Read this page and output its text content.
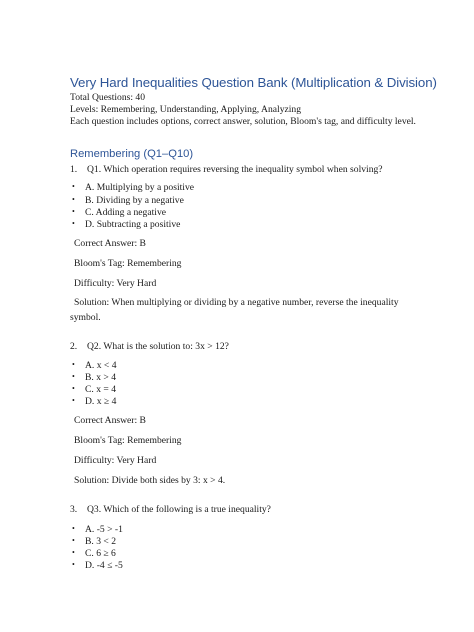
Very Hard Inequalities Question Bank (Multiplication & Division)
Total Questions: 40
Levels: Remembering, Understanding, Applying, Analyzing
Each question includes options, correct answer, solution, Bloom's tag, and difficulty level.
Remembering (Q1–Q10)
1. Q1. Which operation requires reversing the inequality symbol when solving?
• A. Multiplying by a positive
• B. Dividing by a negative
• C. Adding a negative
• D. Subtracting a positive
Correct Answer: B
Bloom's Tag: Remembering
Difficulty: Very Hard
Solution: When multiplying or dividing by a negative number, reverse the inequality symbol.
2. Q2. What is the solution to: 3x > 12?
• A. x < 4
• B. x > 4
• C. x = 4
• D. x ≥ 4
Correct Answer: B
Bloom's Tag: Remembering
Difficulty: Very Hard
Solution: Divide both sides by 3: x > 4.
3. Q3. Which of the following is a true inequality?
• A. -5 > -1
• B. 3 < 2
• C. 6 ≥ 6
• D. -4 ≤ -5
